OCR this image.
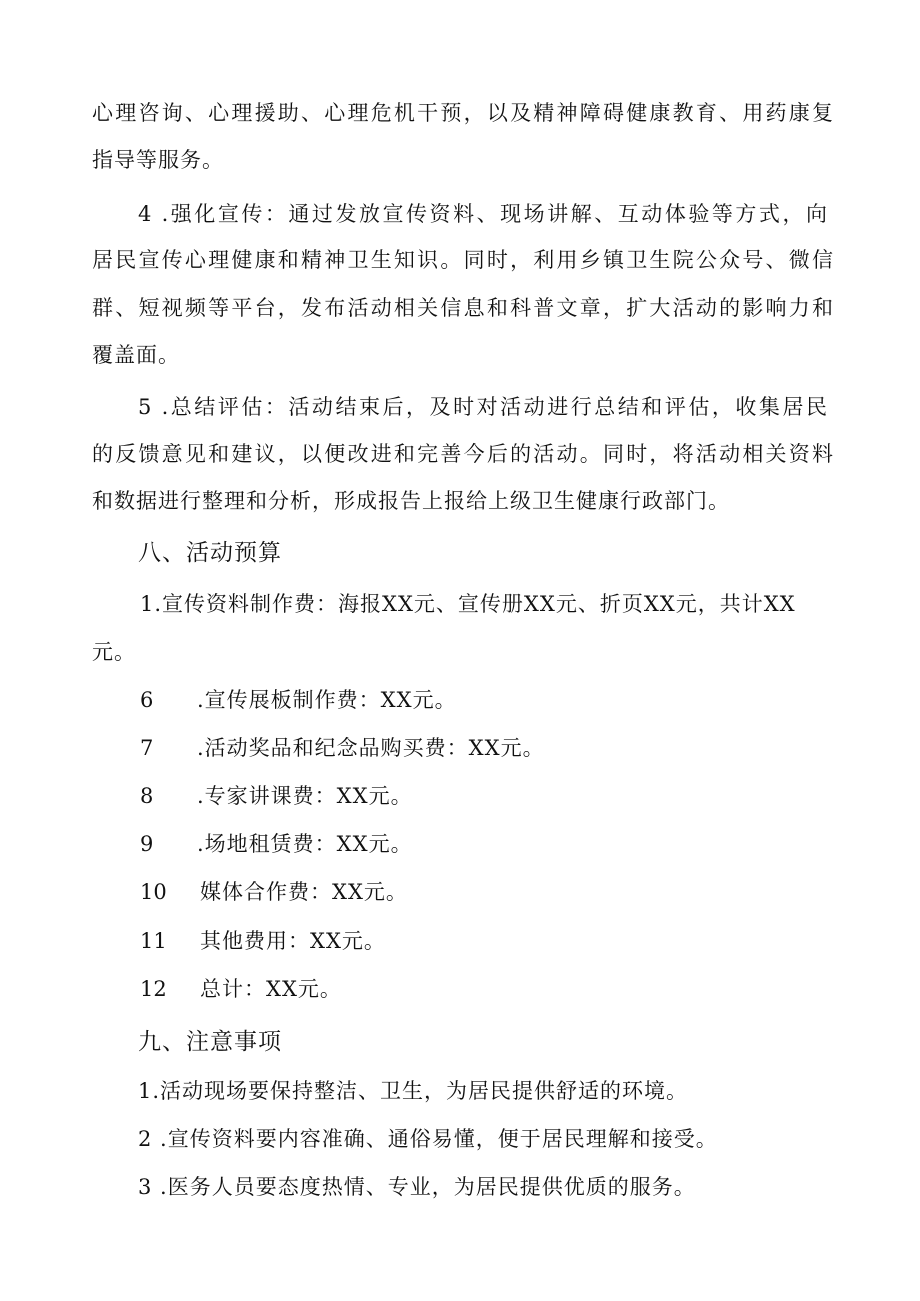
心理咨询、心理援助、心理危机干预，以及精神障碍健康教育、用药康复
指导等服务。
4 .强化宣传：通过发放宣传资料、现场讲解、互动体验等方式，向
居民宣传心理健康和精神卫生知识。同时，利用乡镇卫生院公众号、微信
群、短视频等平台，发布活动相关信息和科普文章，扩大活动的影响力和
覆盖面。
5 .总结评估：活动结束后，及时对活动进行总结和评估，收集居民
的反馈意见和建议，以便改进和完善今后的活动。同时，将活动相关资料
和数据进行整理和分析，形成报告上报给上级卫生健康行政部门。
八、活动预算
1.宣传资料制作费：海报XX元、宣传册XX元、折页XX元，共计XX
元。
6 .宣传展板制作费：XX元。
7 .活动奖品和纪念品购买费：XX元。
8 .专家讲课费：XX元。
9 .场地租赁费：XX元。
10 媒体合作费：XX元。
11 其他费用：XX元。
12 总计：XX元。
九、注意事项
1.活动现场要保持整洁、卫生，为居民提供舒适的环境。
2 .宣传资料要内容准确、通俗易懂，便于居民理解和接受。
3 .医务人员要态度热情、专业，为居民提供优质的服务。
